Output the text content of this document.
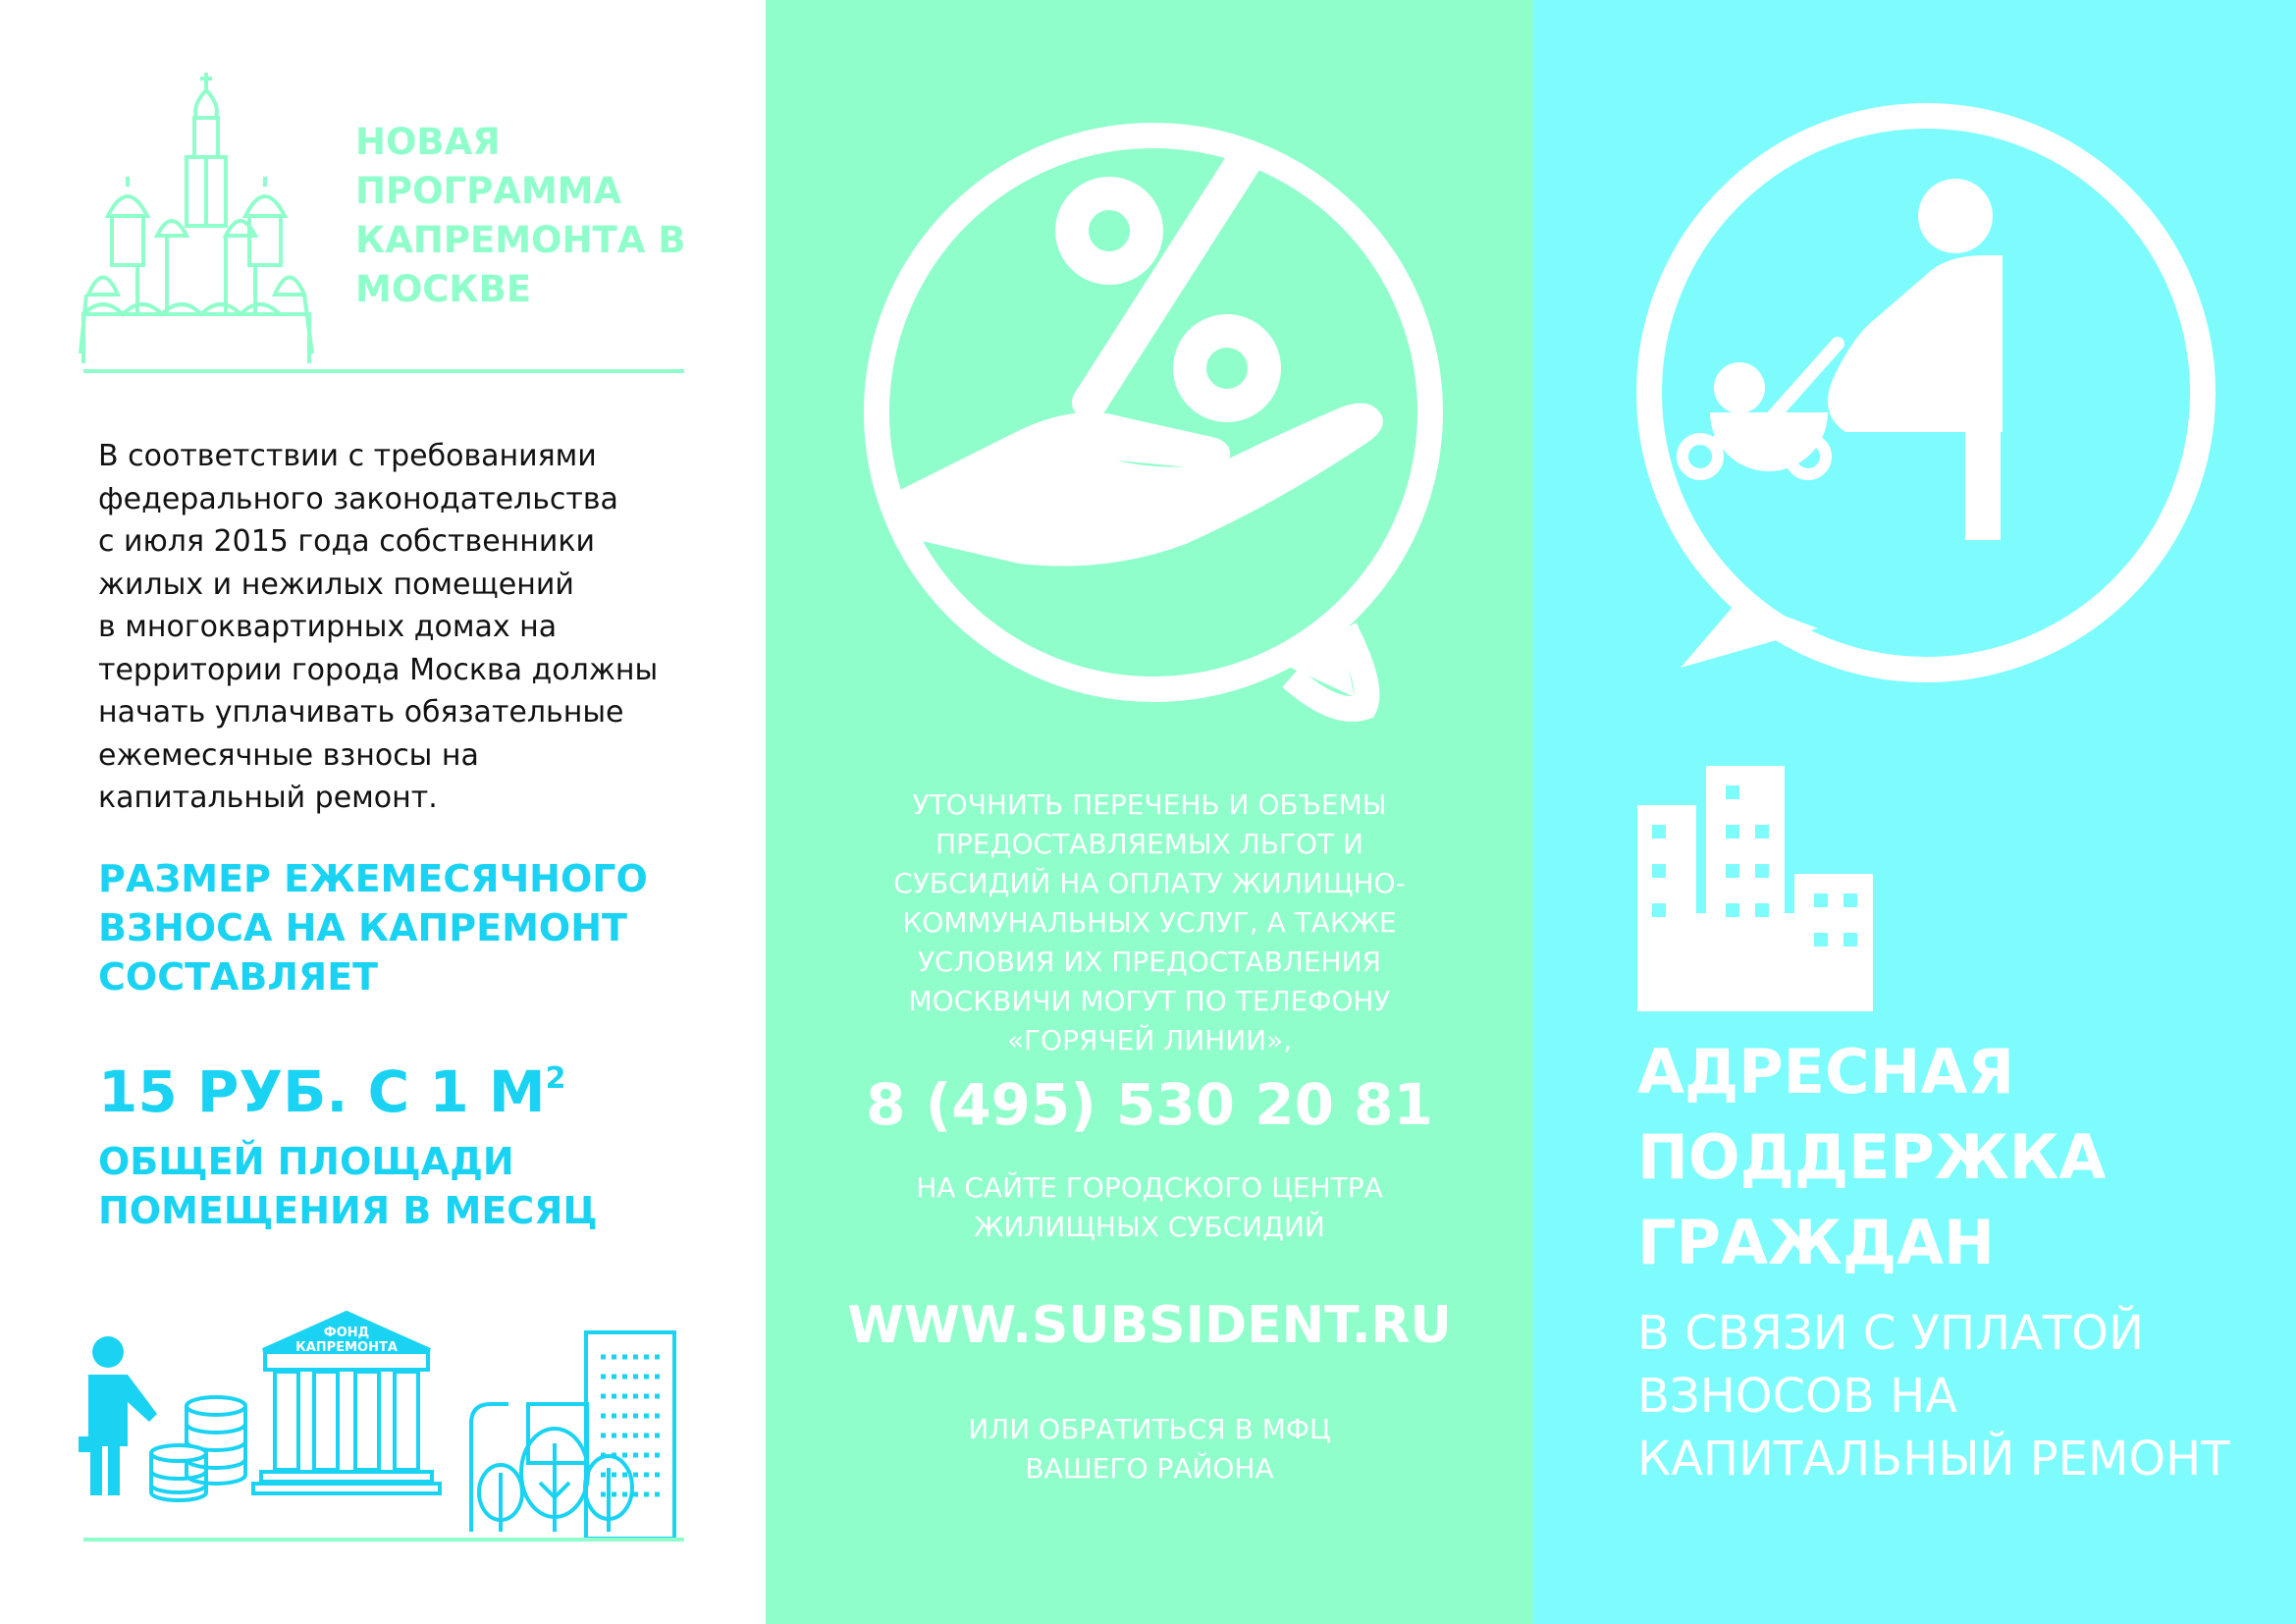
НОВАЯ ПРОГРАММА КАПРЕМОНТА В МОСКВЕ

В соответствии с требованиями
федерального законодательства
с июля 2015 года собственники
жилых и нежилых помещений
в многоквартирных домах на
территории города Москва должны
начать уплачивать обязательные
ежемесячные взносы на
капитальный ремонт.

РАЗМЕР ЕЖЕМЕСЯЧНОГО ВЗНОСА НА КАПРЕМОНТ СОСТАВЛЯЕТ

15 РУБ. С 1 $М^2$

ОБЩЕЙ ПЛОЩАДИ ПОМЕЩЕНИЯ В МЕСЯЦ

ФОНД
КАПРЕМОНТА

УТОЧНИТЬ ПЕРЕЧЕНЬ И ОБЪЕМЫ ПРЕДОСТАВЛЯЕМЫХ ЛЬГОТ И СУБСИДИЙ НА ОПЛАТУ ЖИЛИЩНО-КОММУНАЛЬНЫХ УСЛУГ, А ТАКЖЕ УСЛОВИЯ ИХ ПРЕДОСТАВЛЕНИЯ МОСКВИЧИ МОГУТ ПО ТЕЛЕФОНУ «ГОРЯЧЕЙ ЛИНИИ»,

8 (495) 530 20 81

НА САЙТЕ ГОРОДСКОГО ЦЕНТРА ЖИЛИЩНЫХ СУБСИДИЙ

WWW.SUBSIDENT.RU

ИЛИ ОБРАТИТЬСЯ В МФЦ ВАШЕГО РАЙОНА

АДРЕСНАЯ ПОДДЕРЖКА ГРАЖДАН

В СВЯЗИ С УПЛАТОЙ ВЗНОСОВ НА КАПИТАЛЬНЫЙ РЕМОНТ
